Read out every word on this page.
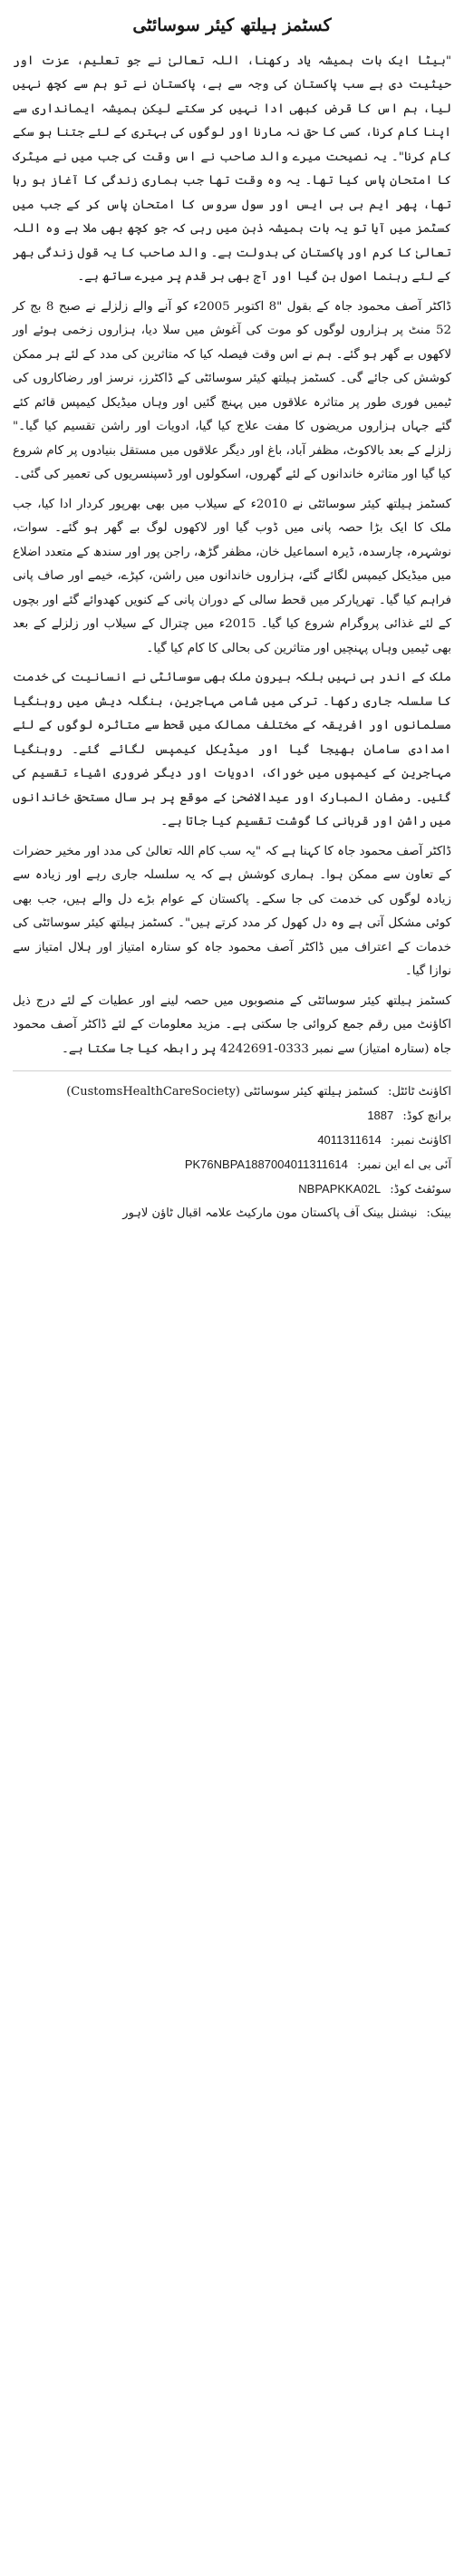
کسٹمز ہیلتھ کیئر سوسائٹی

"بیٹا ایک بات ہمیشہ یاد رکھنا، اللہ تعالیٰ نے جو تعلیم، عزت اور حیثیت دی ہے سب پاکستان کی وجہ سے ہے، پاکستان نے تو ہم سے کچھ نہیں لیا، ہم اس کا قرض کبھی ادا نہیں کر سکتے لیکن ہمیشہ ایمانداری سے اپنا کام کرنا، کسی کا حق نہ مارنا اور لوگوں کی بہتری کے لئے جتنا ہو سکے کام کرنا"۔ یہ نصیحت میرے والد صاحب نے اس وقت کی جب میں نے میٹرک کا امتحان پاس کیا تھا۔ یہ وہ وقت تھا جب ہماری زندگی کا آغاز ہو رہا تھا، پھر ایم بی بی ایس اور سول سروس کا امتحان پاس کر کے جب میں کسٹمز میں آیا تو یہ بات ہمیشہ ذہن میں رہی کہ جو کچھ بھی ملا ہے وہ اللہ تعالیٰ کا کرم اور پاکستان کی بدولت ہے۔ والد صاحب کا یہ قول زندگی بھر کے لئے رہنما اصول بن گیا اور آج بھی ہر قدم پر میرے ساتھ ہے۔

ڈاکٹر آصف محمود جاہ کے بقول "8 اکتوبر 2005ء کو آنے والے زلزلے نے صبح 8 بج کر 52 منٹ پر ہزاروں لوگوں کو موت کی آغوش میں سلا دیا، ہزاروں زخمی ہوئے اور لاکھوں بے گھر ہو گئے۔ ہم نے اس وقت فیصلہ کیا کہ متاثرین کی مدد کے لئے ہر ممکن کوشش کی جائے گی۔ کسٹمز ہیلتھ کیئر سوسائٹی کے ڈاکٹرز، نرسز اور رضاکاروں کی ٹیمیں فوری طور پر متاثرہ علاقوں میں پہنچ گئیں اور وہاں میڈیکل کیمپس قائم کئے گئے جہاں ہزاروں مریضوں کا مفت علاج کیا گیا، ادویات اور راشن تقسیم کیا گیا۔" زلزلے کے بعد بالاکوٹ، مظفر آباد، باغ اور دیگر علاقوں میں مستقل بنیادوں پر کام شروع کیا گیا اور متاثرہ خاندانوں کے لئے گھروں، اسکولوں اور ڈسپنسریوں کی تعمیر کی گئی۔

کسٹمز ہیلتھ کیئر سوسائٹی نے 2010ء کے سیلاب میں بھی بھرپور کردار ادا کیا، جب ملک کا ایک بڑا حصہ پانی میں ڈوب گیا اور لاکھوں لوگ بے گھر ہو گئے۔ سوات، نوشہرہ، چارسدہ، ڈیرہ اسماعیل خان، مظفر گڑھ، راجن پور اور سندھ کے متعدد اضلاع میں میڈیکل کیمپس لگائے گئے، ہزاروں خاندانوں میں راشن، کپڑے، خیمے اور صاف پانی فراہم کیا گیا۔ تھرپارکر میں قحط سالی کے دوران پانی کے کنویں کھدوائے گئے اور بچوں کے لئے غذائی پروگرام شروع کیا گیا۔ 2015ء میں چترال کے سیلاب اور زلزلے کے بعد بھی ٹیمیں وہاں پہنچیں اور متاثرین کی بحالی کا کام کیا گیا۔

ملک کے اندر ہی نہیں بلکہ بیرون ملک بھی سوسائٹی نے انسانیت کی خدمت کا سلسلہ جاری رکھا۔ ترکی میں شامی مہاجرین، بنگلہ دیش میں روہنگیا مسلمانوں اور افریقہ کے مختلف ممالک میں قحط سے متاثرہ لوگوں کے لئے امدادی سامان بھیجا گیا اور میڈیکل کیمپس لگائے گئے۔ روہنگیا مہاجرین کے کیمپوں میں خوراک، ادویات اور دیگر ضروری اشیاء تقسیم کی گئیں۔ رمضان المبارک اور عیدالاضحیٰ کے موقع پر ہر سال مستحق خاندانوں میں راشن اور قربانی کا گوشت تقسیم کیا جاتا ہے۔

ڈاکٹر آصف محمود جاہ کا کہنا ہے کہ "یہ سب کام اللہ تعالیٰ کی مدد اور مخیر حضرات کے تعاون سے ممکن ہوا۔ ہماری کوشش ہے کہ یہ سلسلہ جاری رہے اور زیادہ سے زیادہ لوگوں کی خدمت کی جا سکے۔ پاکستان کے عوام بڑے دل والے ہیں، جب بھی کوئی مشکل آتی ہے وہ دل کھول کر مدد کرتے ہیں"۔ کسٹمز ہیلتھ کیئر سوسائٹی کی خدمات کے اعتراف میں ڈاکٹر آصف محمود جاہ کو ستارہ امتیاز اور ہلال امتیاز سے نوازا گیا۔

کسٹمز ہیلتھ کیئر سوسائٹی کے منصوبوں میں حصہ لینے اور عطیات کے لئے درج ذیل اکاؤنٹ میں رقم جمع کروائی جا سکتی ہے۔ مزید معلومات کے لئے ڈاکٹر آصف محمود جاہ (ستارہ امتیاز) سے نمبر 0333-4242691 پر رابطہ کیا جا سکتا ہے۔

اکاؤنٹ ٹائٹل: کسٹمز ہیلتھ کیئر سوسائٹی (CustomsHealthCareSociety)
برانچ کوڈ: 1887
اکاؤنٹ نمبر: 4011311614
آئی بی اے این نمبر: PK76NBPA1887004011311614
سوئفٹ کوڈ: NBPAPKKA02L
بینک: نیشنل بینک آف پاکستان مون مارکیٹ علامہ اقبال ٹاؤن لاہور
